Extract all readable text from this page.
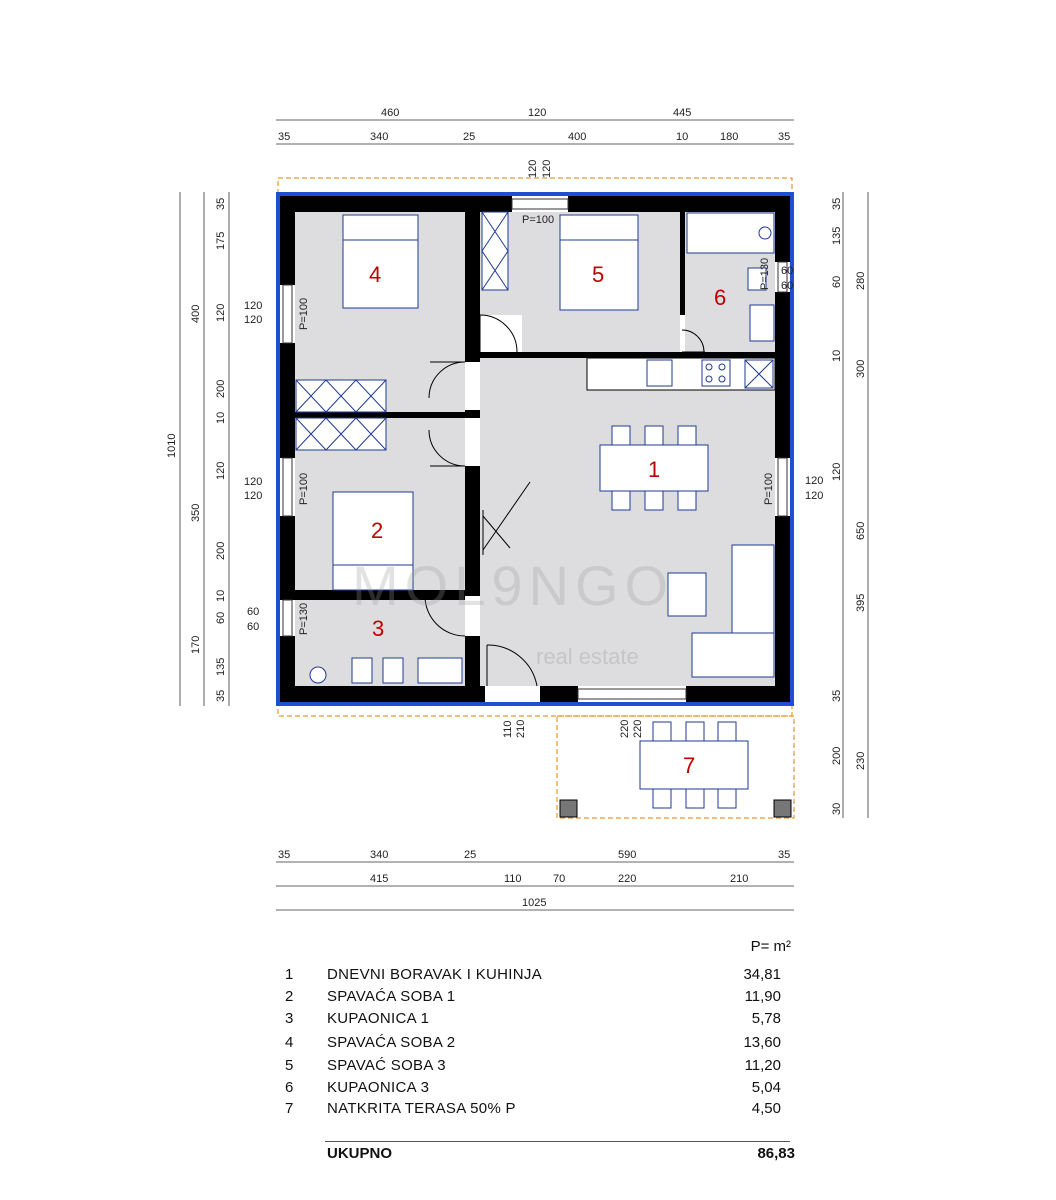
MOL9NGO
real estate
1
2
3
4	5
6
7
460	120	445
35	340	25	400	10	180	35
35	340	25	590	35
415	110	70	220	210
1025
35
175
120
200
10
120
200
10
60
135
35
400
350
170
1010
35
135
60
10
120
35
200
30
280
300
650
395
230
120
120	P=100
120
120	P=100
60
60	P=130
120 120
P=100
60
60
P=130
120
120
P=100
110 210	220 220
P= m²
1	DNEVNI BORAVAK I KUHINJA	34,81
2	SPAVAĆA SOBA 1	11,90
3	KUPAONICA 1	5,78
4	SPAVAĆA SOBA 2	13,60
5	SPAVAĆ SOBA 3	11,20
6	KUPAONICA 3	5,04
7	NATKRITA TERASA 50% P	4,50
UKUPNO	86,83
